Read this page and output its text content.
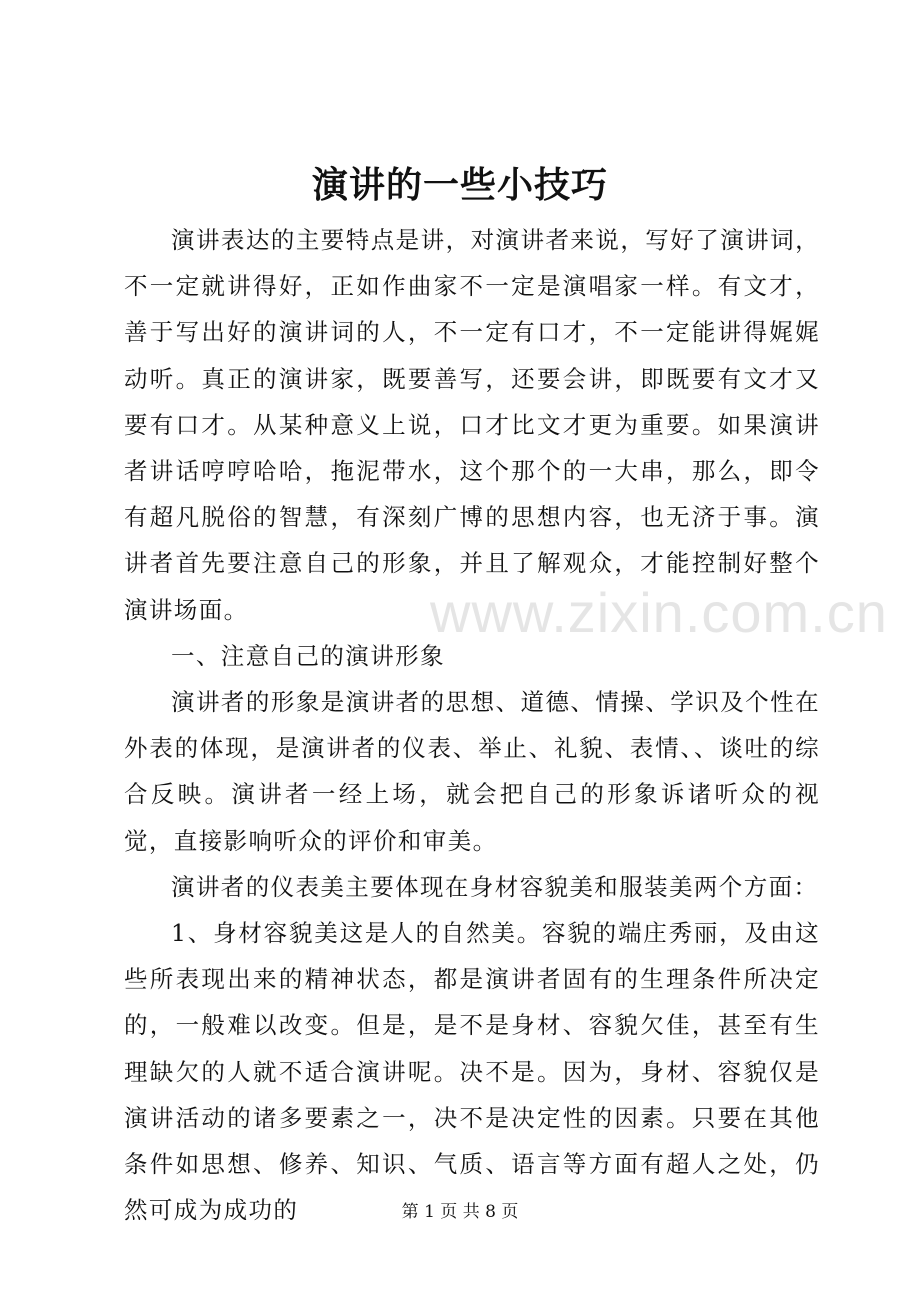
演讲的一些小技巧

演讲表达的主要特点是讲，对演讲者来说，写好了演讲词，不一定就讲得好，正如作曲家不一定是演唱家一样。有文才，善于写出好的演讲词的人，不一定有口才，不一定能讲得娓娓动听。真正的演讲家，既要善写，还要会讲，即既要有文才又要有口才。从某种意义上说，口才比文才更为重要。如果演讲者讲话哼哼哈哈，拖泥带水，这个那个的一大串，那么，即令有超凡脱俗的智慧，有深刻广博的思想内容，也无济于事。演讲者首先要注意自己的形象，并且了解观众，才能控制好整个演讲场面。

一、注意自己的演讲形象

演讲者的形象是演讲者的思想、道德、情操、学识及个性在外表的体现，是演讲者的仪表、举止、礼貌、表情、、谈吐的综合反映。演讲者一经上场，就会把自己的形象诉诸听众的视觉，直接影响听众的评价和审美。

演讲者的仪表美主要体现在身材容貌美和服装美两个方面：

1、身材容貌美这是人的自然美。容貌的端庄秀丽，及由这些所表现出来的精神状态，都是演讲者固有的生理条件所决定的，一般难以改变。但是，是不是身材、容貌欠佳，甚至有生理缺欠的人就不适合演讲呢。决不是。因为，身材、容貌仅是演讲活动的诸多要素之一，决不是决定性的因素。只要在其他条件如思想、修养、知识、气质、语言等方面有超人之处，仍然可成为成功的

www.zixin.com.cn
第 1 页 共 8 页
